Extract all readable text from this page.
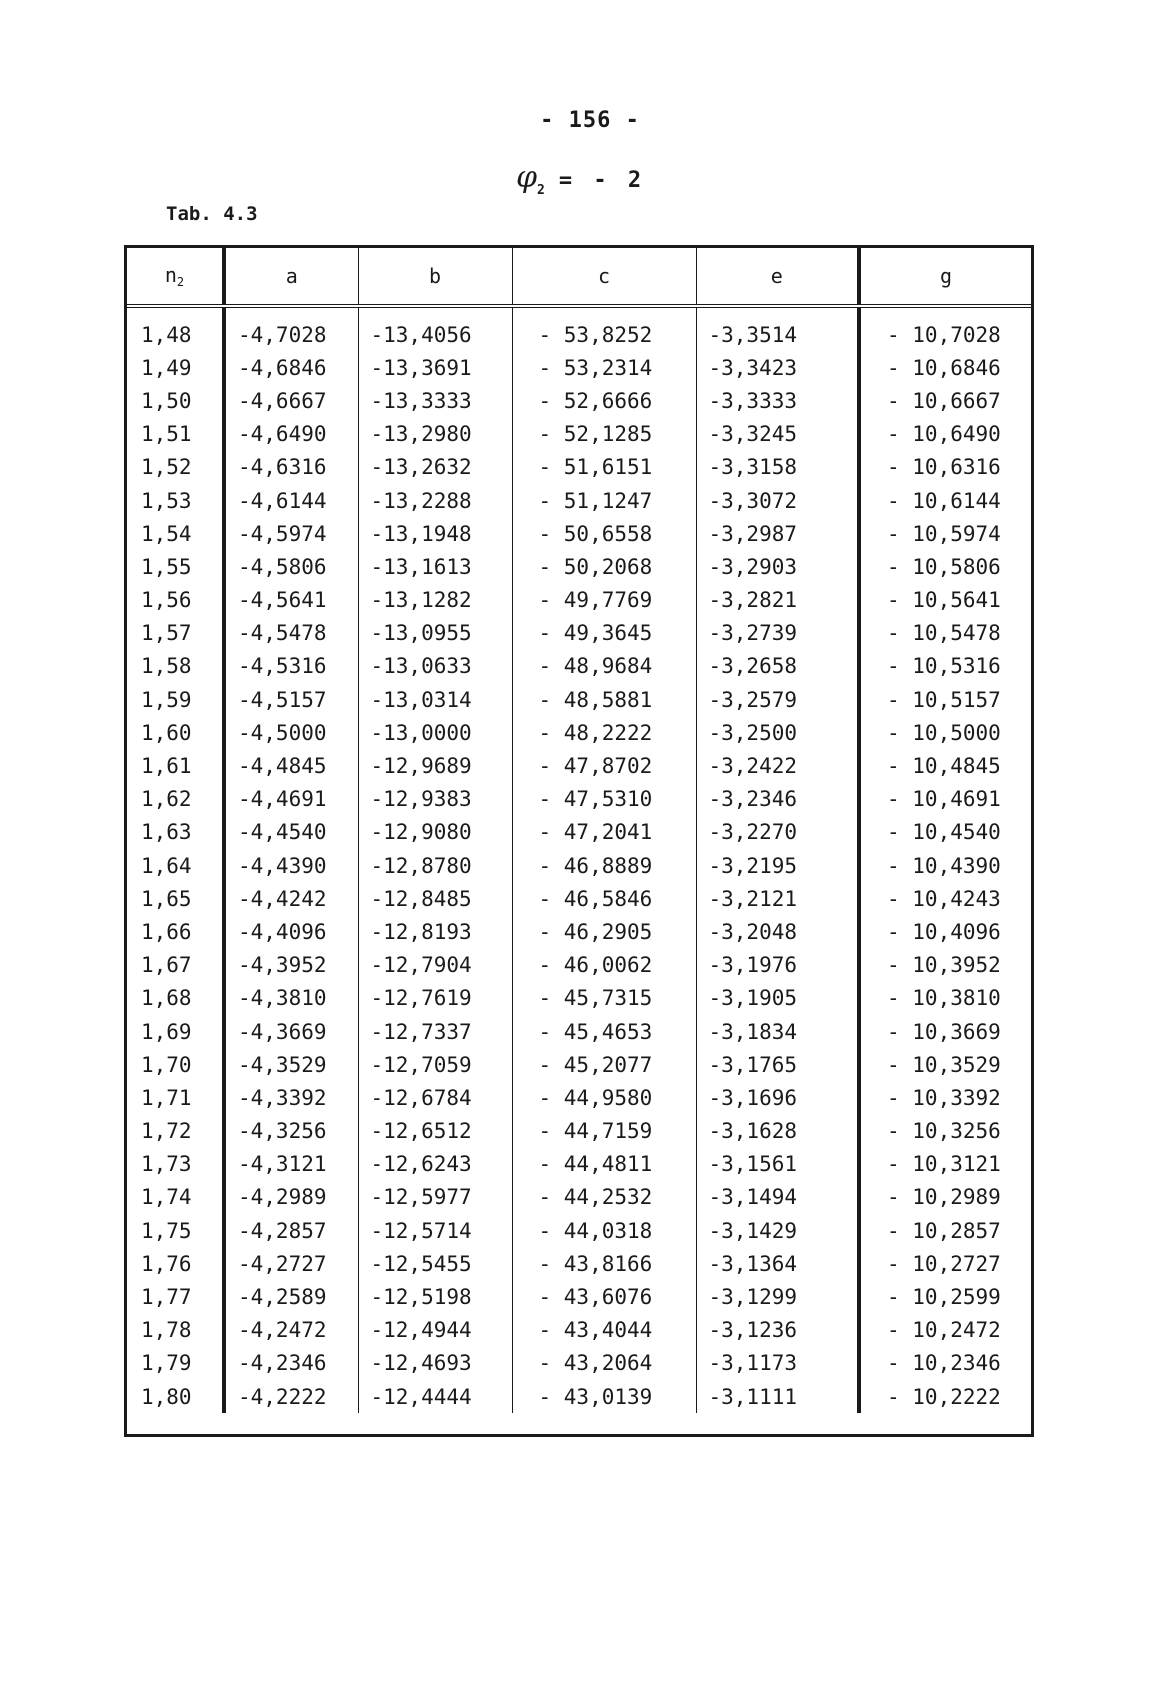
- 156 -
$\varphi_2$ = - 2
Tab. 4.3
$n_2$	a	b	c	e	g
1,48	-4,7028	-13,4056	- 53,8252	-3,3514	- 10,7028
1,49	-4,6846	-13,3691	- 53,2314	-3,3423	- 10,6846
1,50	-4,6667	-13,3333	- 52,6666	-3,3333	- 10,6667
1,51	-4,6490	-13,2980	- 52,1285	-3,3245	- 10,6490
1,52	-4,6316	-13,2632	- 51,6151	-3,3158	- 10,6316
1,53	-4,6144	-13,2288	- 51,1247	-3,3072	- 10,6144
1,54	-4,5974	-13,1948	- 50,6558	-3,2987	- 10,5974
1,55	-4,5806	-13,1613	- 50,2068	-3,2903	- 10,5806
1,56	-4,5641	-13,1282	- 49,7769	-3,2821	- 10,5641
1,57	-4,5478	-13,0955	- 49,3645	-3,2739	- 10,5478
1,58	-4,5316	-13,0633	- 48,9684	-3,2658	- 10,5316
1,59	-4,5157	-13,0314	- 48,5881	-3,2579	- 10,5157
1,60	-4,5000	-13,0000	- 48,2222	-3,2500	- 10,5000
1,61	-4,4845	-12,9689	- 47,8702	-3,2422	- 10,4845
1,62	-4,4691	-12,9383	- 47,5310	-3,2346	- 10,4691
1,63	-4,4540	-12,9080	- 47,2041	-3,2270	- 10,4540
1,64	-4,4390	-12,8780	- 46,8889	-3,2195	- 10,4390
1,65	-4,4242	-12,8485	- 46,5846	-3,2121	- 10,4243
1,66	-4,4096	-12,8193	- 46,2905	-3,2048	- 10,4096
1,67	-4,3952	-12,7904	- 46,0062	-3,1976	- 10,3952
1,68	-4,3810	-12,7619	- 45,7315	-3,1905	- 10,3810
1,69	-4,3669	-12,7337	- 45,4653	-3,1834	- 10,3669
1,70	-4,3529	-12,7059	- 45,2077	-3,1765	- 10,3529
1,71	-4,3392	-12,6784	- 44,9580	-3,1696	- 10,3392
1,72	-4,3256	-12,6512	- 44,7159	-3,1628	- 10,3256
1,73	-4,3121	-12,6243	- 44,4811	-3,1561	- 10,3121
1,74	-4,2989	-12,5977	- 44,2532	-3,1494	- 10,2989
1,75	-4,2857	-12,5714	- 44,0318	-3,1429	- 10,2857
1,76	-4,2727	-12,5455	- 43,8166	-3,1364	- 10,2727
1,77	-4,2589	-12,5198	- 43,6076	-3,1299	- 10,2599
1,78	-4,2472	-12,4944	- 43,4044	-3,1236	- 10,2472
1,79	-4,2346	-12,4693	- 43,2064	-3,1173	- 10,2346
1,80	-4,2222	-12,4444	- 43,0139	-3,1111	- 10,2222
